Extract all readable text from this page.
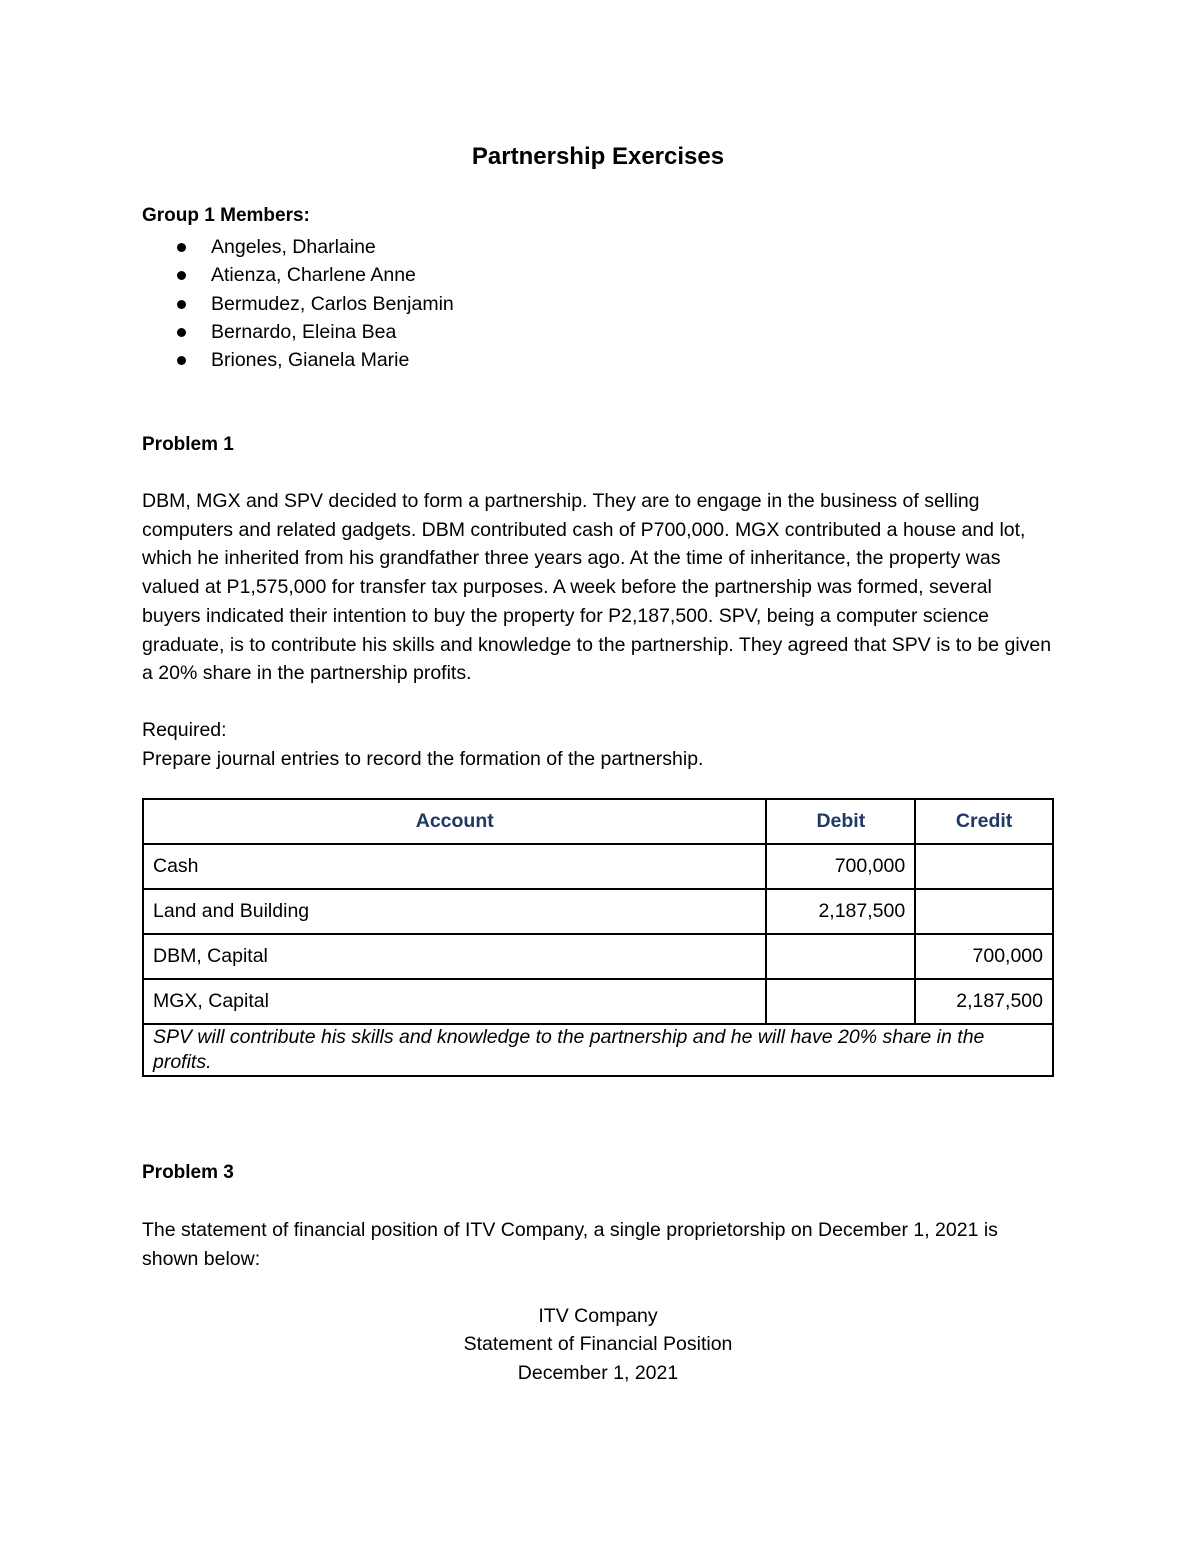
Partnership Exercises
Group 1 Members:
Angeles, Dharlaine
Atienza, Charlene Anne
Bermudez, Carlos Benjamin
Bernardo, Eleina Bea
Briones, Gianela Marie
Problem 1

DBM, MGX and SPV decided to form a partnership. They are to engage in the business of selling computers and related gadgets. DBM contributed cash of P700,000. MGX contributed a house and lot, which he inherited from his grandfather three years ago. At the time of inheritance, the property was valued at P1,575,000 for transfer tax purposes. A week before the partnership was formed, several buyers indicated their intention to buy the property for P2,187,500. SPV, being a computer science graduate, is to contribute his skills and knowledge to the partnership. They agreed that SPV is to be given a 20% share in the partnership profits.

Required:

Prepare journal entries to record the formation of the partnership.

Account	Debit	Credit
Cash	700,000	
Land and Building	2,187,500	
DBM, Capital		700,000
MGX, Capital		2,187,500
SPV will contribute his skills and knowledge to the partnership and he will have 20% share in the profits.		
Problem 3

The statement of financial position of ITV Company, a single proprietorship on December 1, 2021 is shown below:

ITV Company
Statement of Financial Position
December 1, 2021
